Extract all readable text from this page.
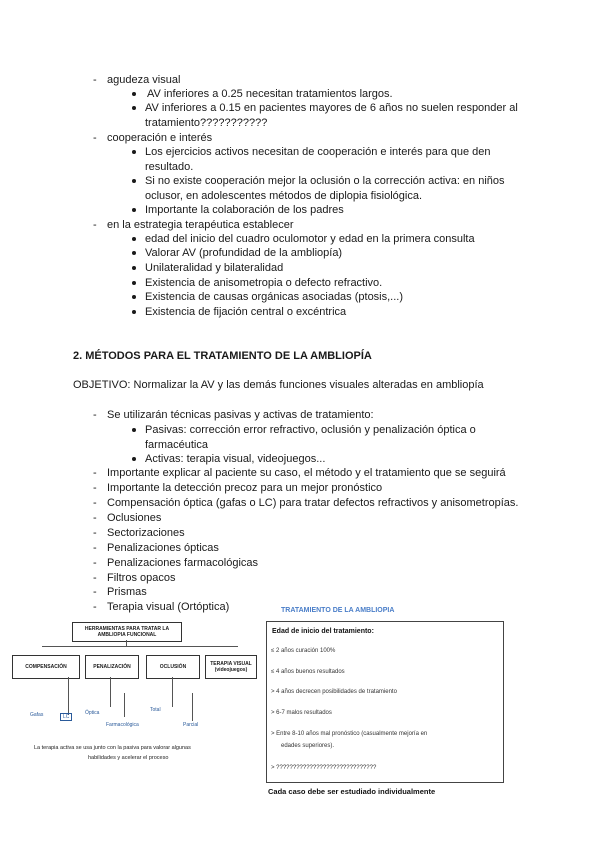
- agudeza visual
AV inferiores a 0.25 necesitan tratamientos largos.
AV inferiores a 0.15 en pacientes mayores de 6 años no suelen responder al
tratamiento???????????
- cooperación e interés
Los ejercicios activos necesitan de cooperación e interés para que den
resultado.
Si no existe cooperación mejor la oclusión o la corrección activa: en niños
oclusor, en adolescentes métodos de diplopia fisiológica.
Importante la colaboración de los padres
- en la estrategia terapéutica establecer
edad del inicio del cuadro oculomotor y edad en la primera consulta
Valorar AV (profundidad de la ambliopía)
Unilateralidad y bilateralidad
Existencia de anisometropia o defecto refractivo.
Existencia de causas orgánicas asociadas (ptosis,...)
Existencia de fijación central o excéntrica
2. MÉTODOS PARA EL TRATAMIENTO DE LA AMBLIOPÍA
OBJETIVO: Normalizar la AV y las demás funciones visuales alteradas en ambliopía
- Se utilizarán técnicas pasivas y activas de tratamiento:
Pasivas: corrección error refractivo, oclusión y penalización óptica o
farmacéutica
Activas: terapia visual, videojuegos...
- Importante explicar al paciente su caso, el método y el tratamiento que se seguirá
- Importante la detección precoz para un mejor pronóstico
- Compensación óptica (gafas o LC) para tratar defectos refractivos y anisometropías.
- Oclusiones
- Sectorizaciones
- Penalizaciones ópticas
- Penalizaciones farmacológicas
- Filtros opacos
- Prismas
- Terapia visual (Ortóptica)
HERRAMIENTAS PARA TRATAR LA AMBLIOPIA FUNCIONAL
COMPENSACIÓN	PENALIZACIÓN	OCLUSIÓN	TERAPIA VISUAL (videojuegos)
Gafas	LC
Óptica
Farmacológica
Total
Parcial
La terapia activa se usa junto con la pasiva para valorar algunas
habilidades y acelerar el proceso
TRATAMIENTO DE LA AMBLIOPIA
Edad de inicio del tratamiento:
≤ 2 años curación 100%
≤ 4 años buenos resultados
> 4 años decrecen posibilidades de tratamiento
> 6-7 malos resultados
> Entre 8-10 años mal pronóstico (casualmente mejoría en
edades superiores).
> ??????????????????????????????
Cada caso debe ser estudiado individualmente
